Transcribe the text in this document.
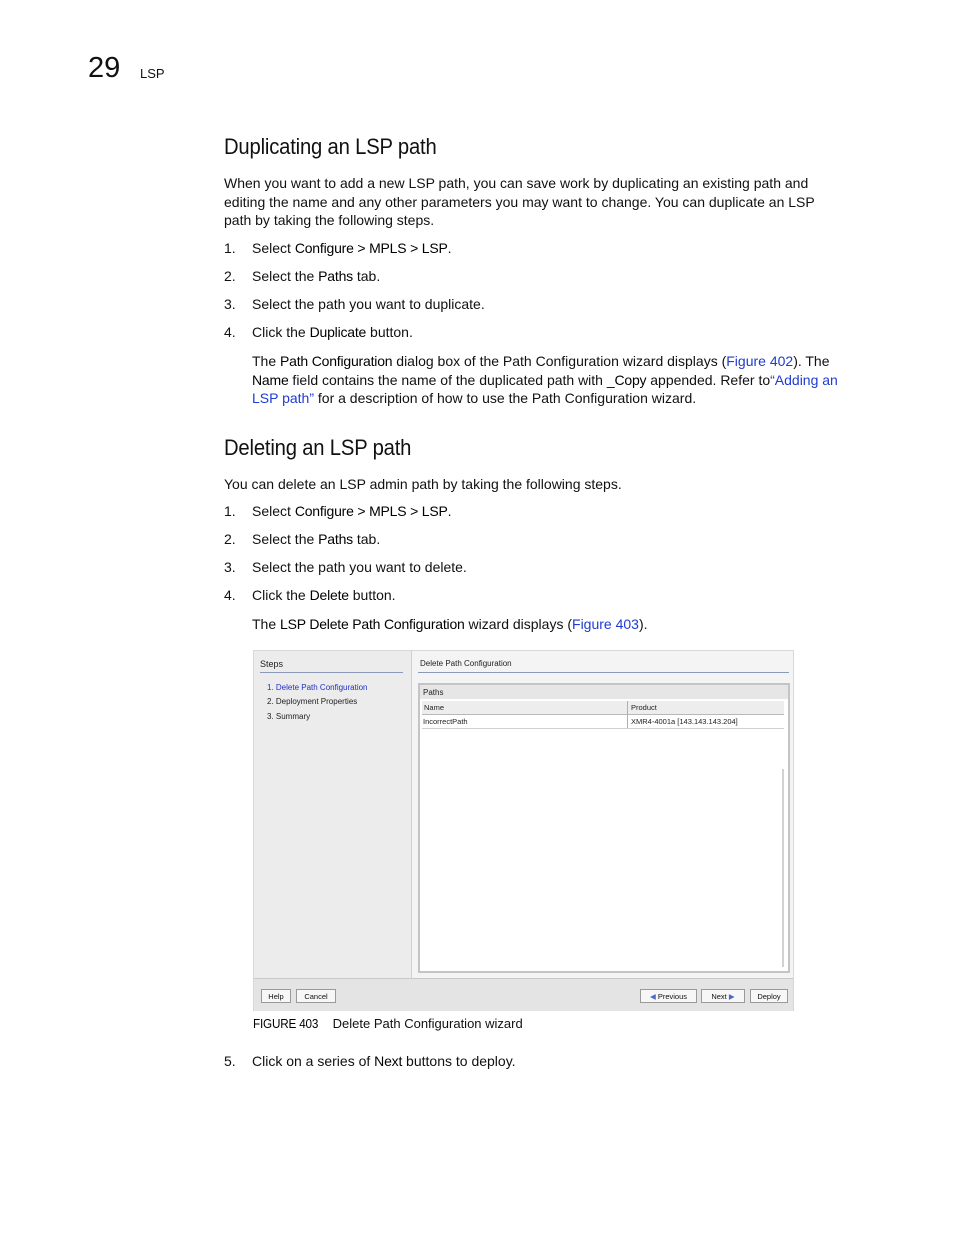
29 LSP
Duplicating an LSP path
When you want to add a new LSP path, you can save work by duplicating an existing path and
editing the name and any other parameters you may want to change. You can duplicate an LSP
path by taking the following steps.
1. Select Configure > MPLS > LSP.
2. Select the Paths tab.
3. Select the path you want to duplicate.
4. Click the Duplicate button.
The Path Configuration dialog box of the Path Configuration wizard displays (Figure 402). The
Name field contains the name of the duplicated path with _Copy appended. Refer to“Adding an
LSP path” for a description of how to use the Path Configuration wizard.
Deleting an LSP path
You can delete an LSP admin path by taking the following steps.
1. Select Configure > MPLS > LSP.
2. Select the Paths tab.
3. Select the path you want to delete.
4. Click the Delete button.
The LSP Delete Path Configuration wizard displays (Figure 403).
Steps
1. Delete Path Configuration
2. Deployment Properties
3. Summary
Delete Path Configuration
Paths
Name	Product
IncorrectPath	XMR4-4001a [143.143.143.204]
Help	Cancel	◀ Previous	Next ▶	Deploy
FIGURE 403 Delete Path Configuration wizard
5. Click on a series of Next buttons to deploy.
